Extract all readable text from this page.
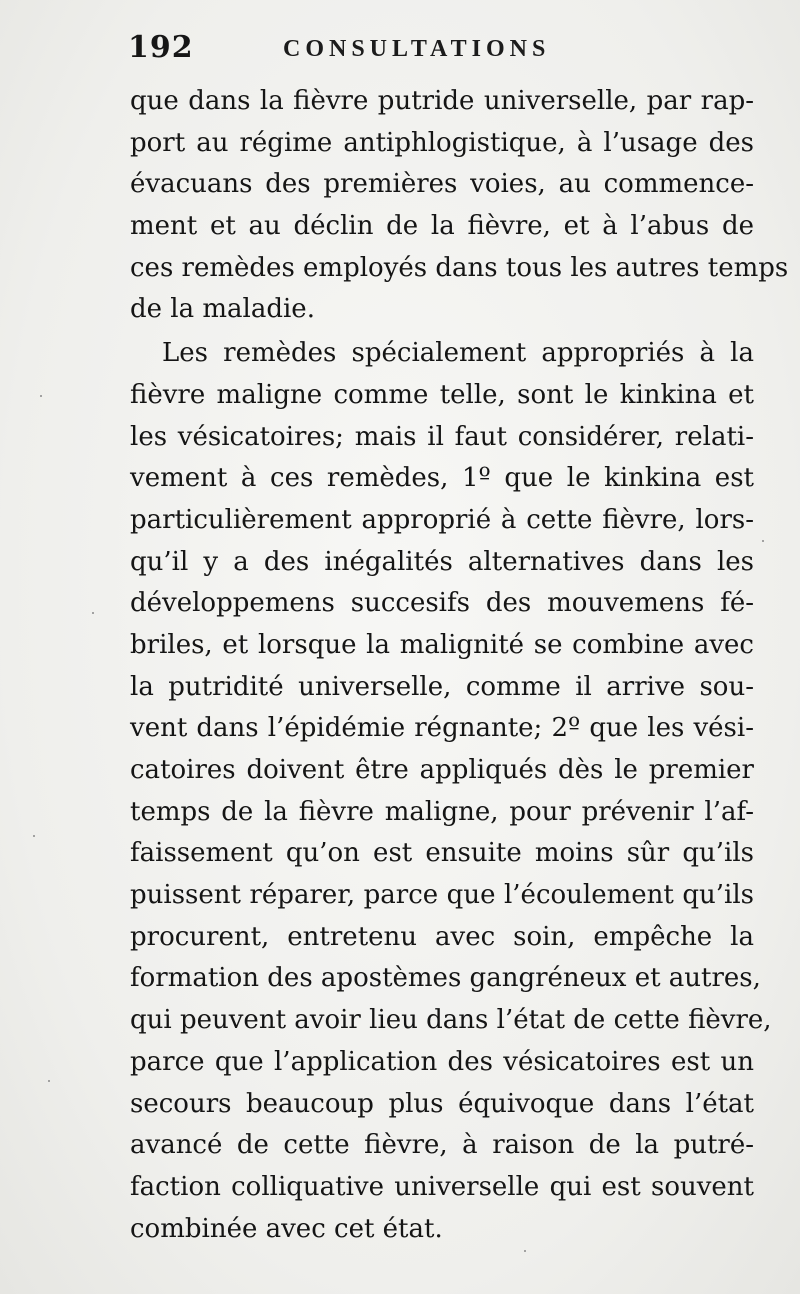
192	CONSULTATIONS
que dans la fièvre putride universelle, par rap-
port au régime antiphlogistique, à l’usage des
évacuans des premières voies, au commence-
ment et au déclin de la fièvre, et à l’abus de
ces remèdes employés dans tous les autres temps
de la maladie.
Les remèdes spécialement appropriés à la
fièvre maligne comme telle, sont le kinkina et
les vésicatoires; mais il faut considérer, relati-
vement à ces remèdes, 1º que le kinkina est
particulièrement approprié à cette fièvre, lors-
qu’il y a des inégalités alternatives dans les
développemens succesifs des mouvemens fé-
briles, et lorsque la malignité se combine avec
la putridité universelle, comme il arrive sou-
vent dans l’épidémie régnante; 2º que les vési-
catoires doivent être appliqués dès le premier
temps de la fièvre maligne, pour prévenir l’af-
faissement qu’on est ensuite moins sûr qu’ils
puissent réparer, parce que l’écoulement qu’ils
procurent, entretenu avec soin, empêche la
formation des apostèmes gangréneux et autres,
qui peuvent avoir lieu dans l’état de cette fièvre,
parce que l’application des vésicatoires est un
secours beaucoup plus équivoque dans l’état
avancé de cette fièvre, à raison de la putré-
faction colliquative universelle qui est souvent
combinée avec cet état.
